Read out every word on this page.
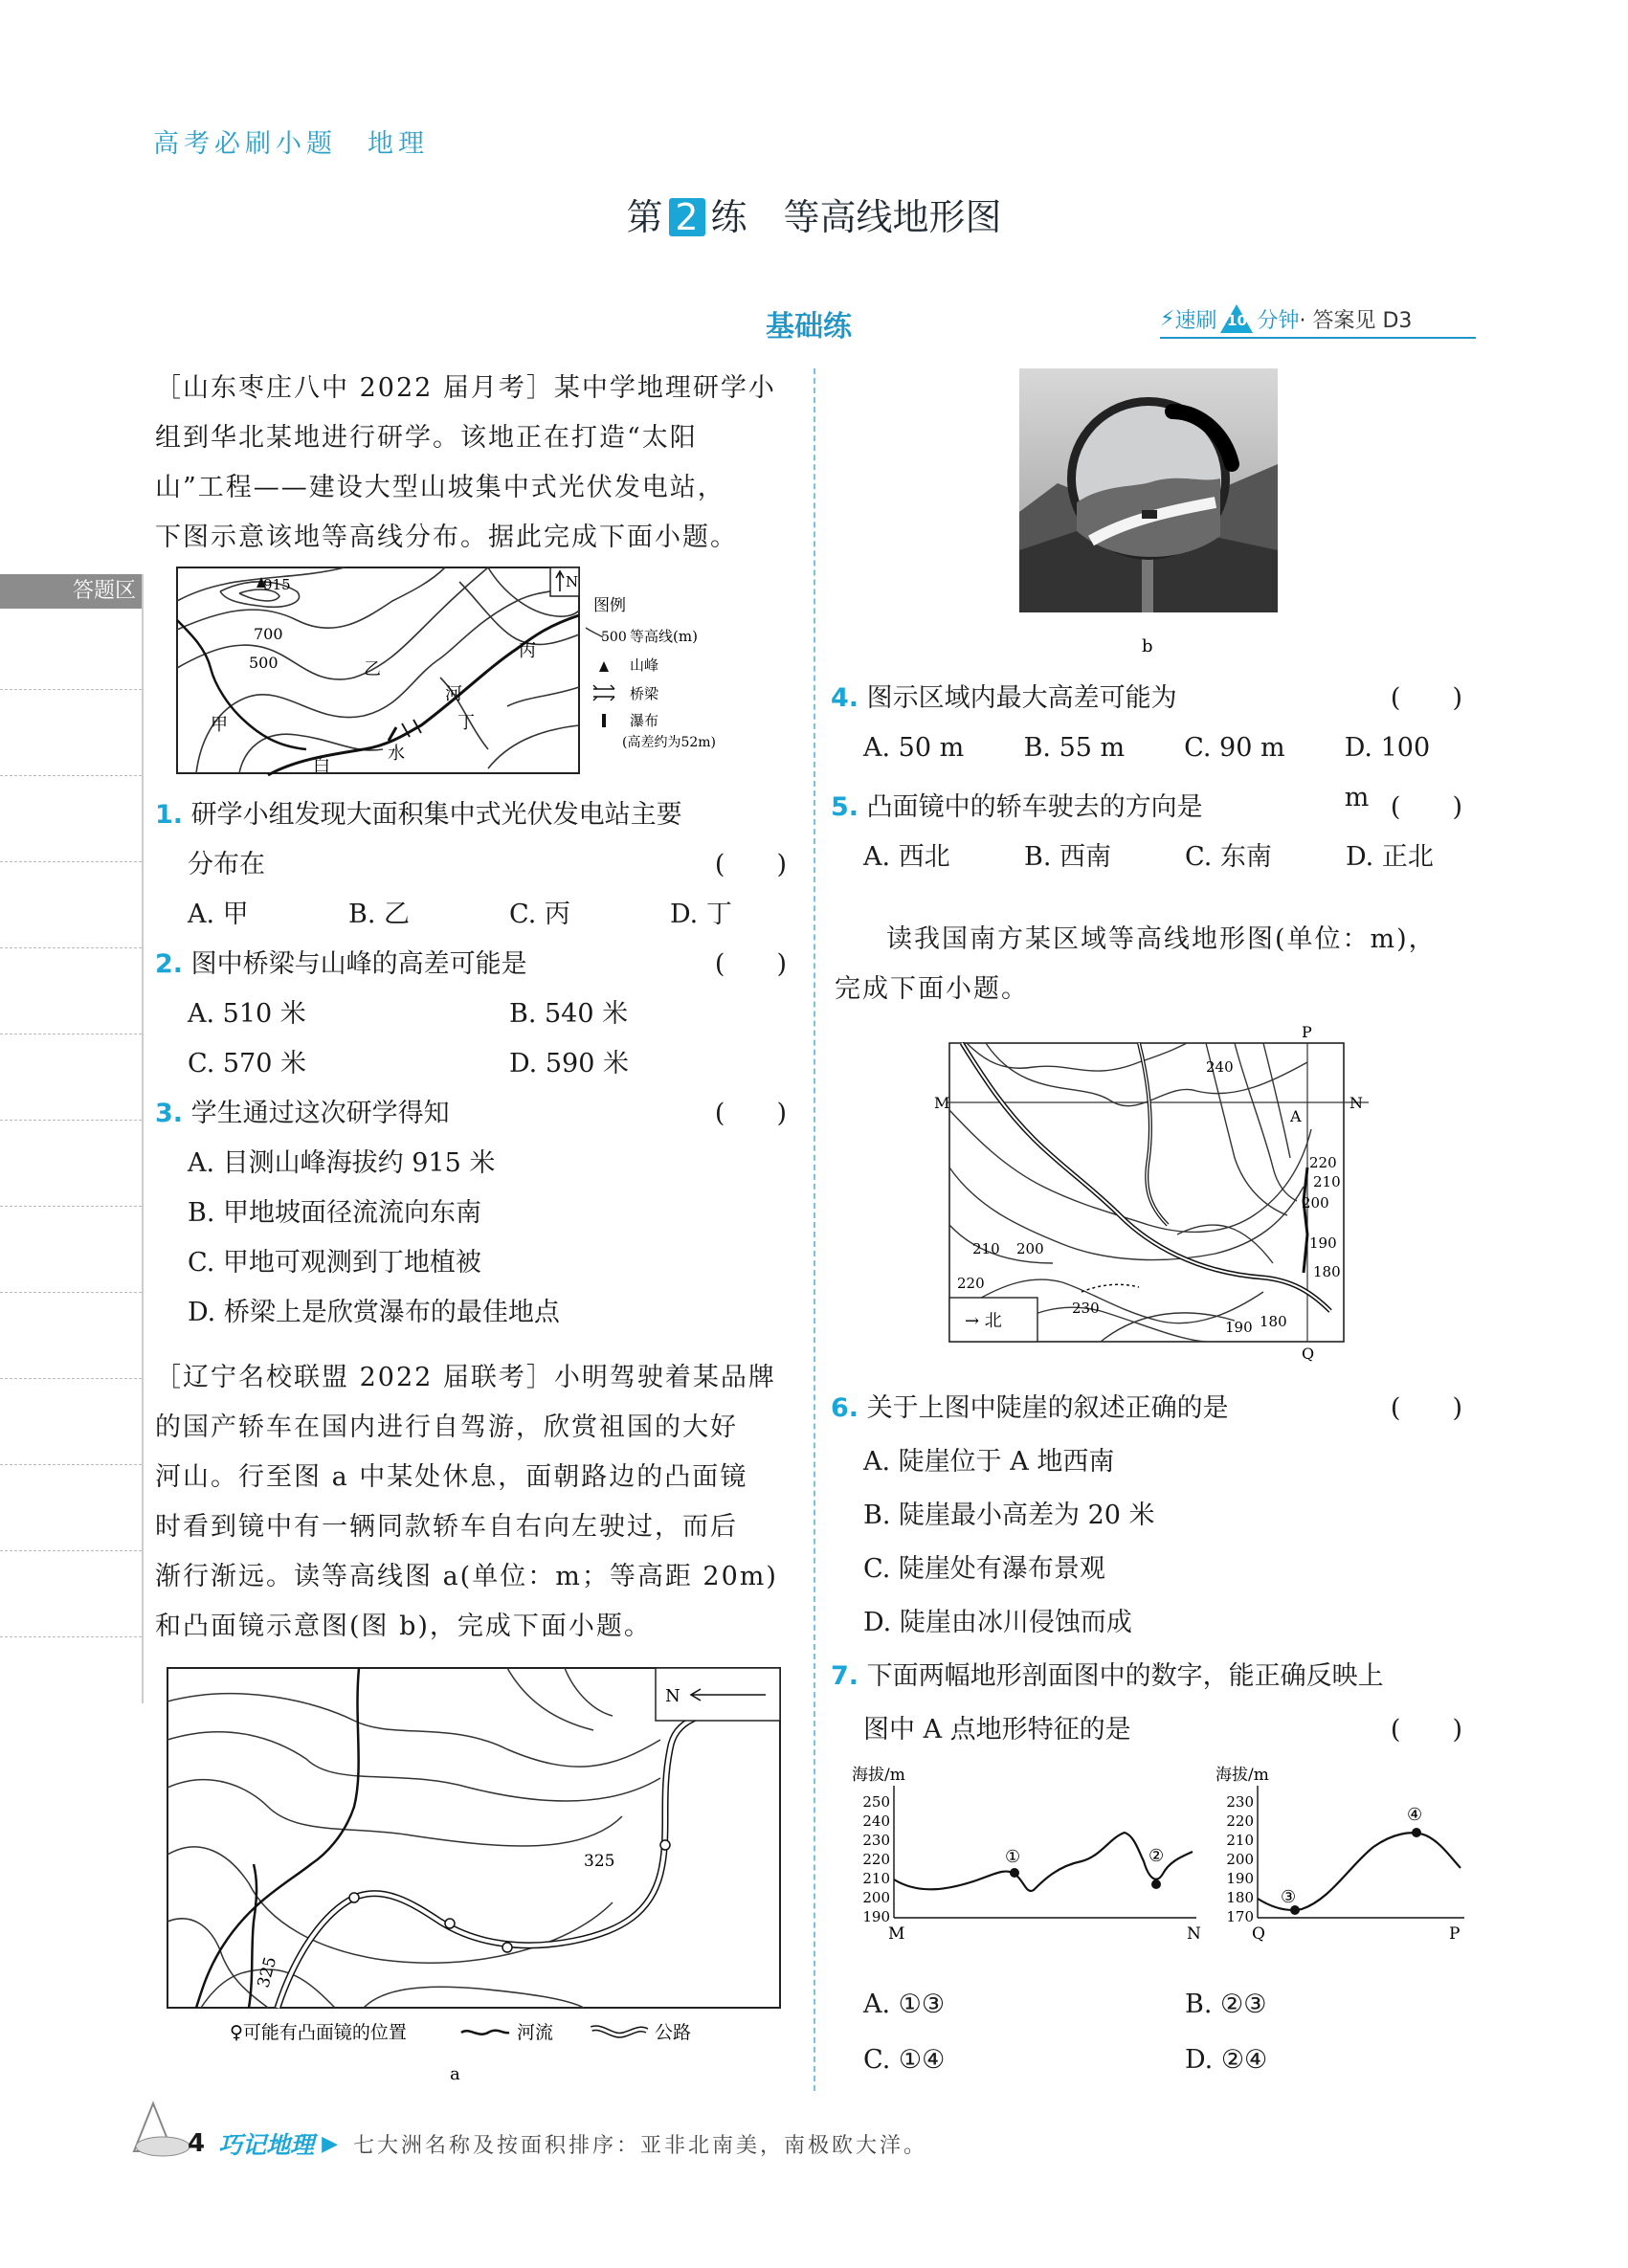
高考必刷小题　地理
第 2 练　等高线地形图
基础练	⚡ 速刷 10 分钟 · 答案见 D3
答题区
［山东枣庄八中 2022 届月考］某中学地理研学小
组到华北某地进行研学。该地正在打造“太阳
山”工程——建设大型山坡集中式光伏发电站，
下图示意该地等高线分布。据此完成下面小题。
915
700
500
甲
乙
丙
丁
白
水
河
N
图例
500 等高线(m)
山峰
桥梁
瀑布
(高差约为52m)
1. 研学小组发现大面积集中式光伏发电站主要
分布在	(　　)
A. 甲	B. 乙	C. 丙	D. 丁
2. 图中桥梁与山峰的高差可能是	(　　)
A. 510 米	B. 540 米
C. 570 米	D. 590 米
3. 学生通过这次研学得知	(　　)
A. 目测山峰海拔约 915 米
B. 甲地坡面径流流向东南
C. 甲地可观测到丁地植被
D. 桥梁上是欣赏瀑布的最佳地点
［辽宁名校联盟 2022 届联考］小明驾驶着某品牌
的国产轿车在国内进行自驾游，欣赏祖国的大好
河山。行至图 a 中某处休息，面朝路边的凸面镜
时看到镜中有一辆同款轿车自右向左驶过，而后
渐行渐远。读等高线图 a(单位：m；等高距 20m)
和凸面镜示意图(图 b)，完成下面小题。
325
325
N
♀可能有凸面镜的位置	河流	公路
a
b
4. 图示区域内最大高差可能为	(　　)
A. 50 m	B. 55 m	C. 90 m	D. 100 m
5. 凸面镜中的轿车驶去的方向是	(　　)
A. 西北	B. 西南	C. 东南	D. 正北
读我国南方某区域等高线地形图(单位：m)，
完成下面小题。
→ 北
P
Q
M	N
A
240
220
210
200
190
180
210 200
220
230
190 180
6. 关于上图中陡崖的叙述正确的是	(　　)
A. 陡崖位于 A 地西南
B. 陡崖最小高差为 20 米
C. 陡崖处有瀑布景观
D. 陡崖由冰川侵蚀而成
7. 下面两幅地形剖面图中的数字，能正确反映上
图中 A 点地形特征的是	(　　)
海拔/m
250
240
230
220
210
200
190
①	②
M	N
海拔/m
230
220
210
200
190
180
170
③
④
Q	P
A. ①③	B. ②③
C. ①④	D. ②④
4 巧记地理 ▶ 七大洲名称及按面积排序：亚非北南美，南极欧大洋。
